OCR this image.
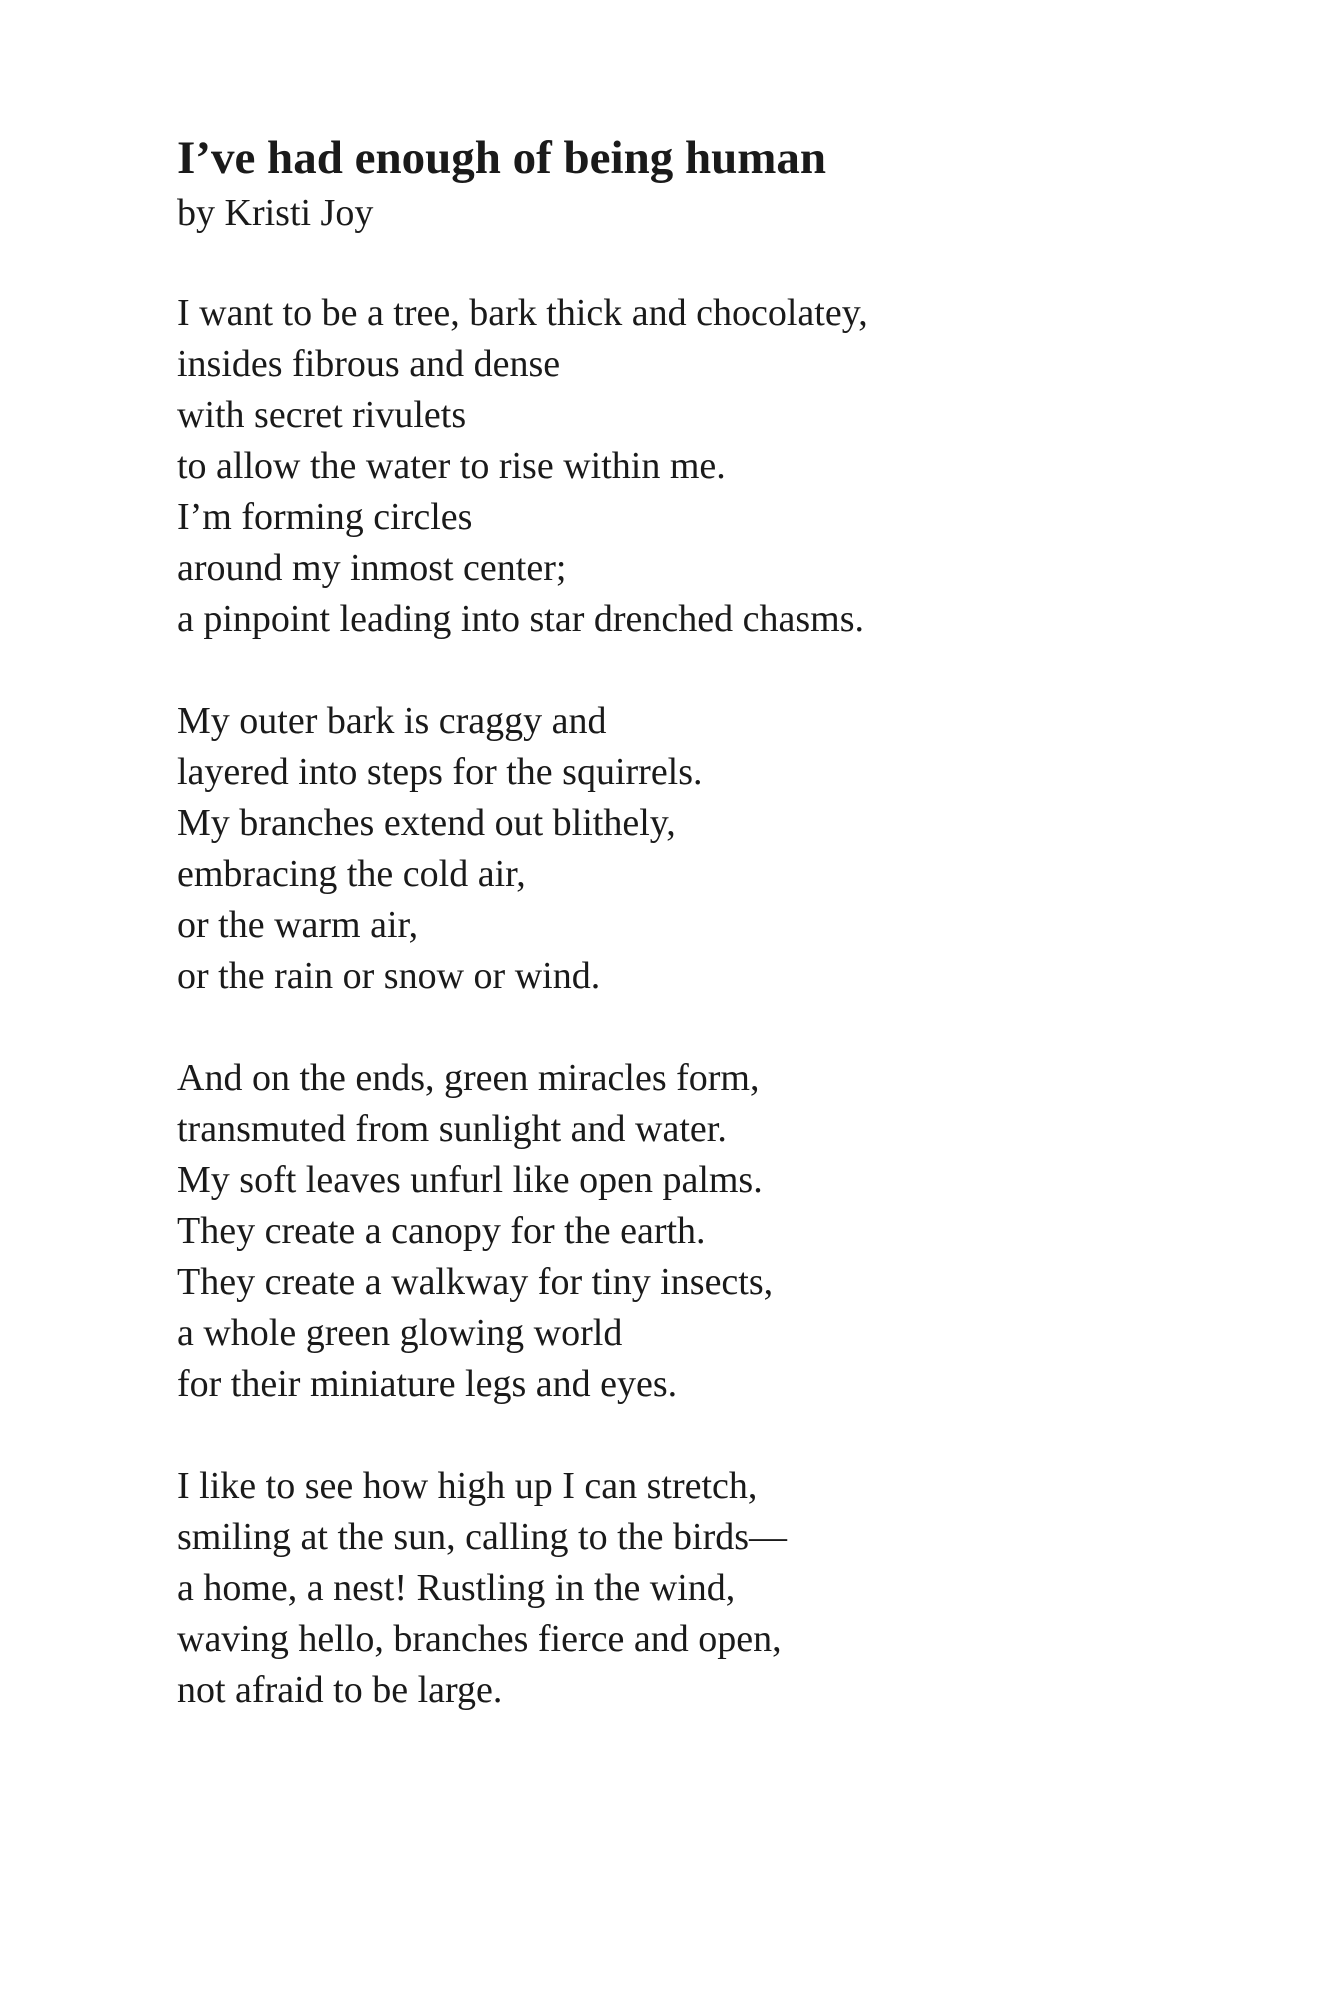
I’ve had enough of being human

by Kristi Joy

I want to be a tree, bark thick and chocolatey,
insides fibrous and dense
with secret rivulets
to allow the water to rise within me.
I’m forming circles
around my inmost center;
a pinpoint leading into star drenched chasms.
My outer bark is craggy and
layered into steps for the squirrels.
My branches extend out blithely,
embracing the cold air,
or the warm air,
or the rain or snow or wind.
And on the ends, green miracles form,
transmuted from sunlight and water.
My soft leaves unfurl like open palms.
They create a canopy for the earth.
They create a walkway for tiny insects,
a whole green glowing world
for their miniature legs and eyes.
I like to see how high up I can stretch,
smiling at the sun, calling to the birds—
a home, a nest! Rustling in the wind,
waving hello, branches fierce and open,
not afraid to be large.
